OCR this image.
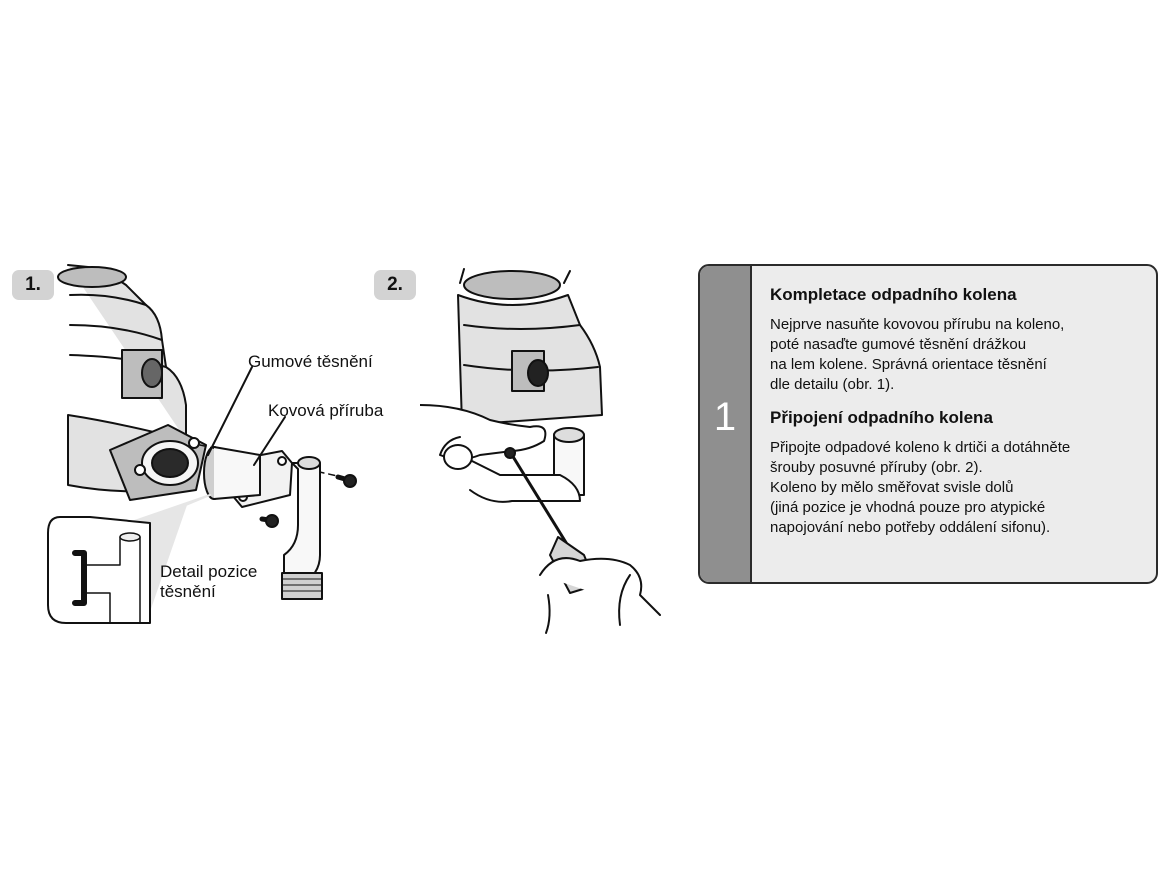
1.
Gumové těsnění
Kovová příruba
Detail pozice
těsnění
2.
1
Kompletace odpadního kolena

Nejprve nasuňte kovovou přírubu na koleno,
poté nasaďte gumové těsnění drážkou
na lem kolene. Správná orientace těsnění
dle detailu (obr. 1).

Připojení odpadního kolena

Připojte odpadové koleno k drtiči a dotáhněte
šrouby posuvné příruby (obr. 2).
Koleno by mělo směřovat svisle dolů
(jiná pozice je vhodná pouze pro atypické
napojování nebo potřeby oddálení sifonu).
